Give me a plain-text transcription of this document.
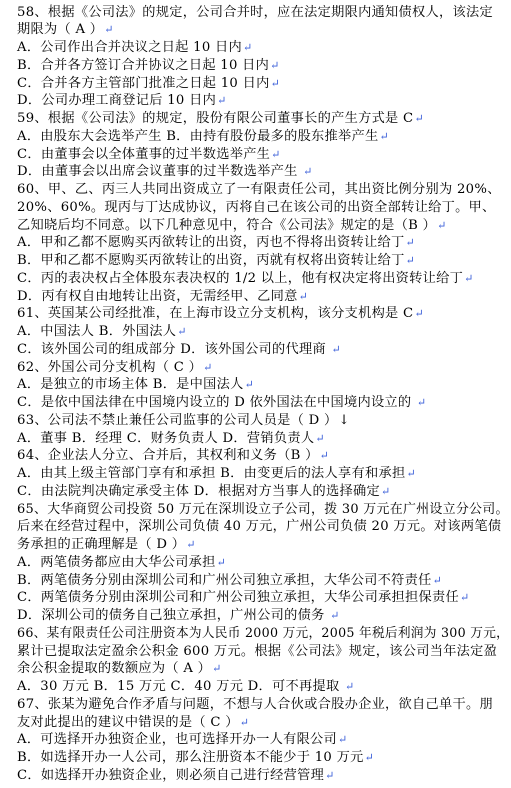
58、根据《公司法》的规定，公司合并时，应在法定期限内通知债权人，该法定
期限为（ A ）↵
A．公司作出合并决议之日起 10 日内↵
B．合并各方签订合并协议之日起 10 日内↵
C．合并各方主管部门批准之日起 10 日内↵
D．公司办理工商登记后 10 日内↵
59、根据《公司法》的规定，股份有限公司董事长的产生方式是 C↵
A．由股东大会选举产生 B．由持有股份最多的股东推举产生↵
C．由董事会以全体董事的过半数选举产生↵
D．由董事会以出席会议董事的过半数选举产生 ↵
60、甲、乙、丙三人共同出资成立了一有限责任公司，其出资比例分别为 20%、
20%、60%。现丙与丁达成协议，丙将自己在该公司的出资全部转让给丁。甲、
乙知晓后均不同意。以下几种意见中，符合《公司法》规定的是（B ）↵
A．甲和乙都不愿购买丙欲转让的出资，丙也不得将出资转让给丁↵
B．甲和乙都不愿购买丙欲转让的出资，丙就有权将出资转让给丁↵
C．丙的表决权占全体股东表决权的 1/2 以上，他有权决定将出资转让给丁↵
D．丙有权自由地转让出资，无需经甲、乙同意↵
61、英国某公司经批准，在上海市设立分支机构，该分支机构是 C↵
A．中国法人 B．外国法人↵
C．该外国公司的组成部分 D．该外国公司的代理商 ↵
62、外国公司分支机构（ C ）↵
A．是独立的市场主体 B．是中国法人↵
C．是依中国法律在中国境内设立的 D 依外国法在中国境内设立的 ↵
63、公司法不禁止兼任公司监事的公司人员是（ D ）↓
A．董事 B．经理 C．财务负责人 D．营销负责人↵
64、企业法人分立、合并后，其权利和义务（B ）↵
A．由其上级主管部门享有和承担 B．由变更后的法人享有和承担↵
C．由法院判决确定承受主体 D．根据对方当事人的选择确定↵
65、大华商贸公司投资 50 万元在深圳设立子公司，拨 30 万元在广州设立分公司。
后来在经营过程中，深圳公司负债 40 万元，广州公司负债 20 万元。对该两笔债
务承担的正确理解是（ D ）↵
A．两笔债务都应由大华公司承担↵
B．两笔债务分别由深圳公司和广州公司独立承担，大华公司不符责任↵
C．两笔债务分别由深圳公司和广州公司独立承担，大华公司承担担保责任↵
D．深圳公司的债务自己独立承担，广州公司的债务 ↵
66、某有限责任公司注册资本为人民币 2000 万元，2005 年税后利润为 300 万元，
累计已提取法定盈余公积金 600 万元。根据《公司法》规定，该公司当年法定盈
余公积金提取的数额应为（ A ）↵
A．30 万元 B．15 万元 C．40 万元 D．可不再提取 ↵
67、张某为避免合作矛盾与问题，不想与人合伙或合股办企业，欲自己单干。朋
友对此提出的建议中错误的是（ C ）↵
A．可选择开办独资企业，也可选择开办一人有限公司↵
B．如选择开办一人公司，那么注册资本不能少于 10 万元↵
C．如选择开办独资企业，则必须自己进行经营管理↵
